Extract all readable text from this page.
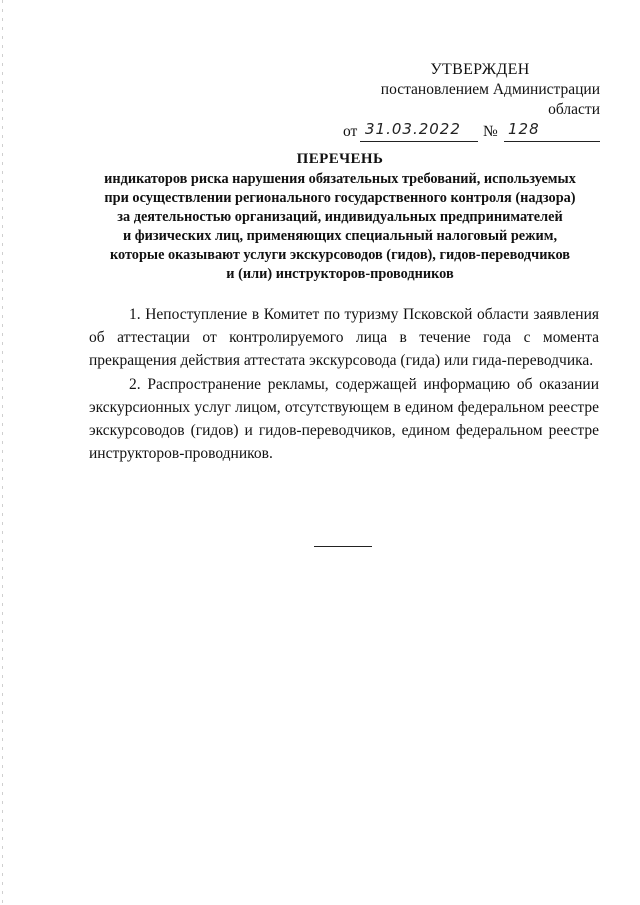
УТВЕРЖДЕН
постановлением Администрации области
от 31.03.2022 № 128
ПЕРЕЧЕНЬ
индикаторов риска нарушения обязательных требований, используемых
при осуществлении регионального государственного контроля (надзора)
за деятельностью организаций, индивидуальных предпринимателей
и физических лиц, применяющих специальный налоговый режим,
которые оказывают услуги экскурсоводов (гидов), гидов-переводчиков
и (или) инструкторов-проводников

1. Непоступление в Комитет по туризму Псковской области заявления об аттестации от контролируемого лица в течение года с момента прекращения действия аттестата экскурсовода (гида) или гида-переводчика.

2. Распространение рекламы, содержащей информацию об оказании экскурсионных услуг лицом, отсутствующем в едином федеральном реестре экскурсоводов (гидов) и гидов-переводчиков, едином федеральном реестре инструкторов-проводников.
